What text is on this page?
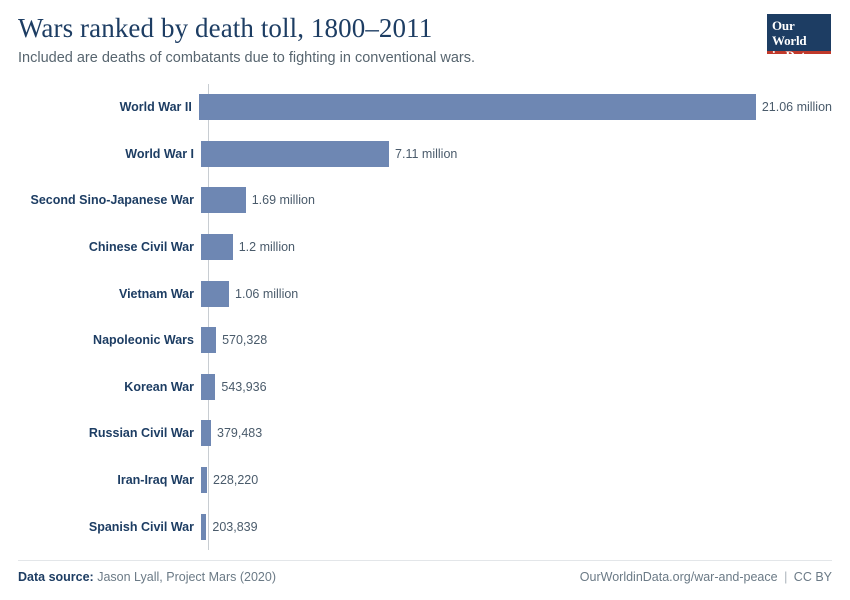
Wars ranked by death toll, 1800–2011

Included are deaths of combatants due to fighting in conventional wars.

Our World
in Data
World War II	21.06 million
World War I	7.11 million
Second Sino-Japanese War	1.69 million
Chinese Civil War	1.2 million
Vietnam War	1.06 million
Napoleonic Wars	570,328
Korean War	543,936
Russian Civil War	379,483
Iran-Iraq War	228,220
Spanish Civil War	203,839
Data source: Jason Lyall, Project Mars (2020)	OurWorldinData.org/war-and-peace | CC BY
